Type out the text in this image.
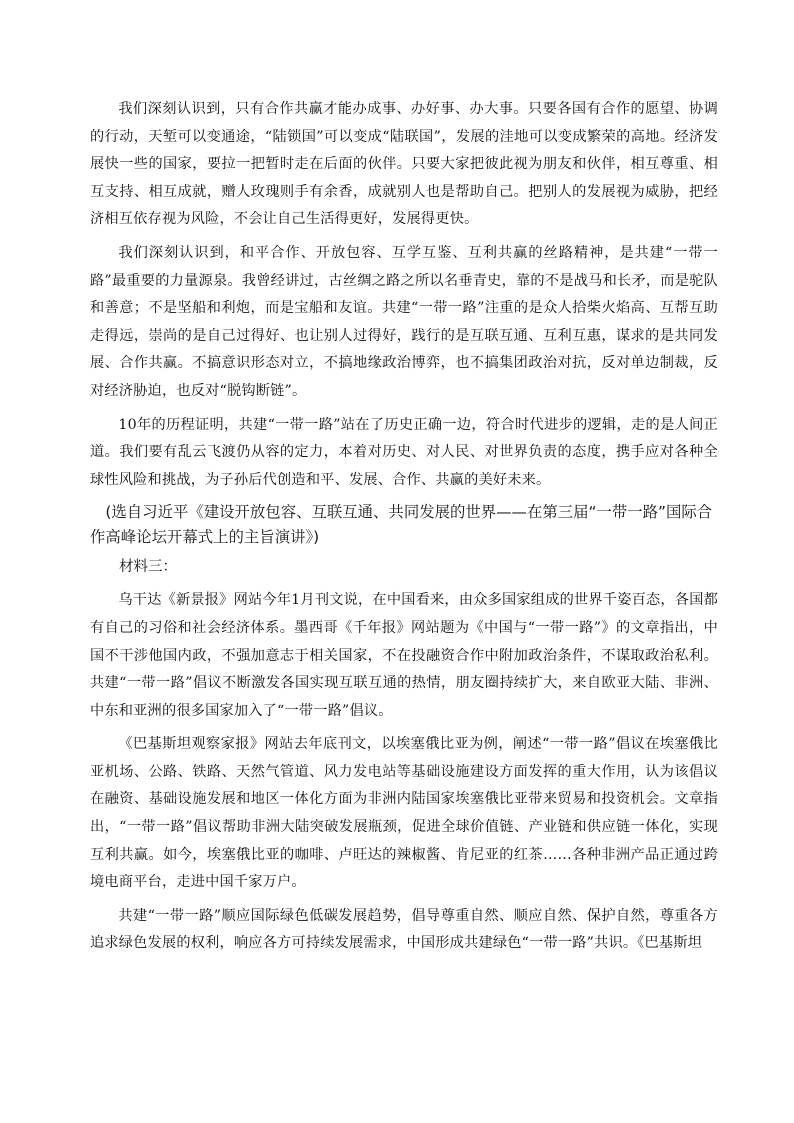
我们深刻认识到，只有合作共赢才能办成事、办好事、办大事。只要各国有合作的愿望、协调的行动，天堑可以变通途，“陆锁国”可以变成“陆联国”，发展的洼地可以变成繁荣的高地。经济发展快一些的国家，要拉一把暂时走在后面的伙伴。只要大家把彼此视为朋友和伙伴，相互尊重、相互支持、相互成就，赠人玫瑰则手有余香，成就别人也是帮助自己。把别人的发展视为威胁，把经济相互依存视为风险，不会让自己生活得更好，发展得更快。

我们深刻认识到，和平合作、开放包容、互学互鉴、互利共赢的丝路精神，是共建“一带一路”最重要的力量源泉。我曾经讲过，古丝绸之路之所以名垂青史，靠的不是战马和长矛，而是驼队和善意；不是坚船和利炮，而是宝船和友谊。共建“一带一路”注重的是众人拾柴火焰高、互帮互助走得远，崇尚的是自己过得好、也让别人过得好，践行的是互联互通、互利互惠，谋求的是共同发展、合作共赢。不搞意识形态对立，不搞地缘政治博弈，也不搞集团政治对抗，反对单边制裁，反对经济胁迫，也反对“脱钩断链”。

10年的历程证明，共建“一带一路”站在了历史正确一边，符合时代进步的逻辑，走的是人间正道。我们要有乱云飞渡仍从容的定力，本着对历史、对人民、对世界负责的态度，携手应对各种全球性风险和挑战，为子孙后代创造和平、发展、合作、共赢的美好未来。

(选自习近平《建设开放包容、互联互通、共同发展的世界——在第三届“一带一路”国际合作高峰论坛开幕式上的主旨演讲》)

材料三：

乌干达《新景报》网站今年1月刊文说，在中国看来，由众多国家组成的世界千姿百态，各国都有自己的习俗和社会经济体系。墨西哥《千年报》网站题为《中国与“一带一路”》的文章指出，中国不干涉他国内政，不强加意志于相关国家，不在投融资合作中附加政治条件，不谋取政治私利。共建“一带一路”倡议不断激发各国实现互联互通的热情，朋友圈持续扩大，来自欧亚大陆、非洲、中东和亚洲的很多国家加入了“一带一路”倡议。

《巴基斯坦观察家报》网站去年底刊文，以埃塞俄比亚为例，阐述“一带一路”倡议在埃塞俄比亚机场、公路、铁路、天然气管道、风力发电站等基础设施建设方面发挥的重大作用，认为该倡议在融资、基础设施发展和地区一体化方面为非洲内陆国家埃塞俄比亚带来贸易和投资机会。文章指出，“一带一路”倡议帮助非洲大陆突破发展瓶颈，促进全球价值链、产业链和供应链一体化，实现互利共赢。如今，埃塞俄比亚的咖啡、卢旺达的辣椒酱、肯尼亚的红茶……各种非洲产品正通过跨境电商平台，走进中国千家万户。

共建“一带一路”顺应国际绿色低碳发展趋势，倡导尊重自然、顺应自然、保护自然，尊重各方追求绿色发展的权利，响应各方可持续发展需求，中国形成共建绿色“一带一路”共识。《巴基斯坦
